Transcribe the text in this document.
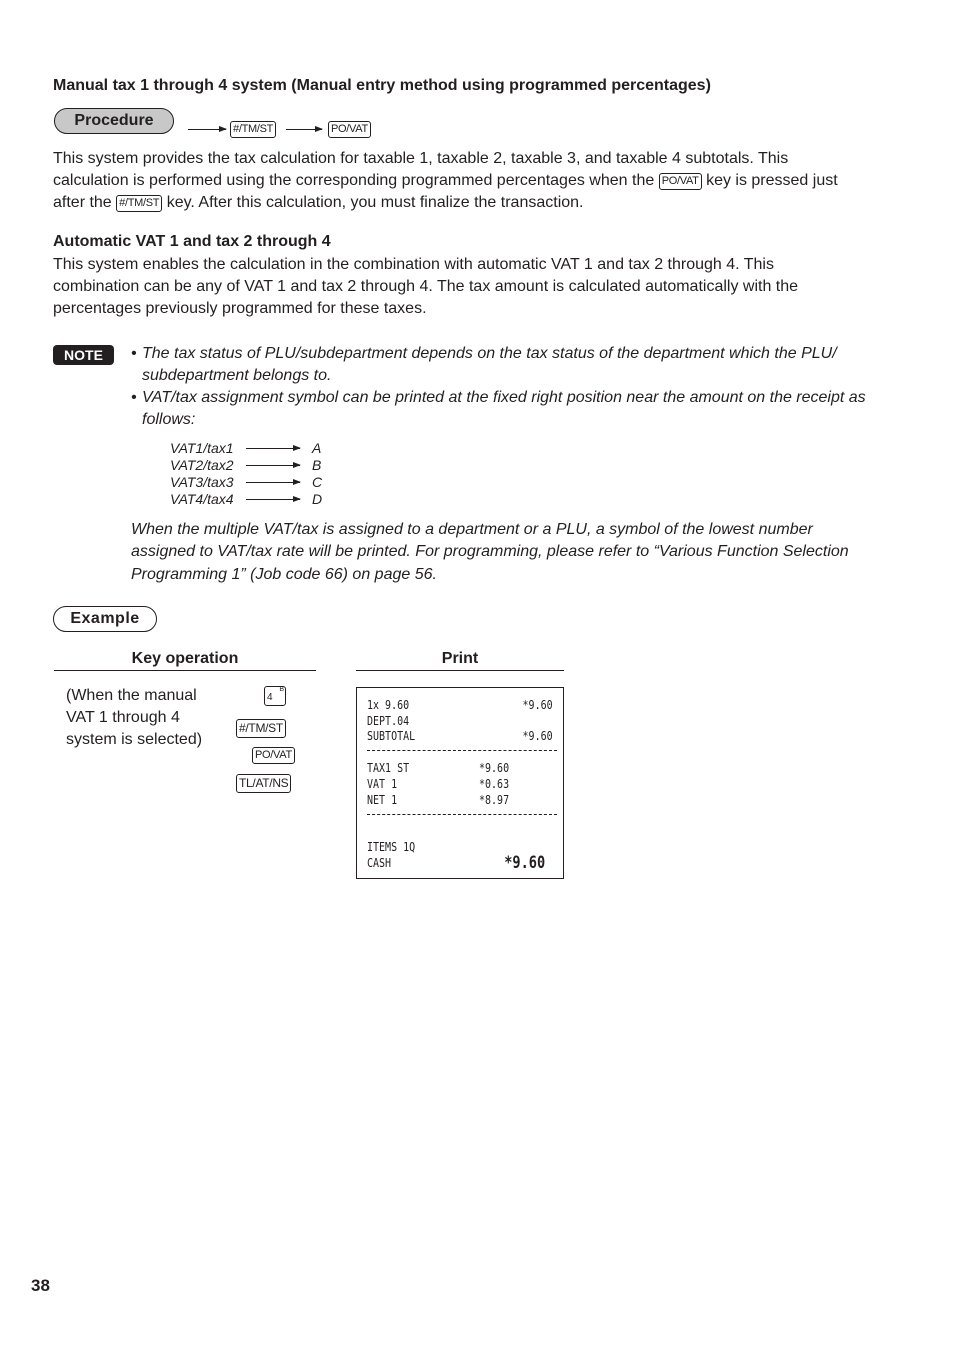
Manual tax 1 through 4 system (Manual entry method using programmed percentages)
Procedure	#/TM/ST	PO/VAT
This system provides the tax calculation for taxable 1, taxable 2, taxable 3, and taxable 4 subtotals. This
calculation is performed using the corresponding programmed percentages when the PO/VAT key is pressed just
after the #/TM/ST key. After this calculation, you must finalize the transaction.
Automatic VAT 1 and tax 2 through 4
This system enables the calculation in the combination with automatic VAT 1 and tax 2 through 4. This
combination can be any of VAT 1 and tax 2 through 4. The tax amount is calculated automatically with the
percentages previously programmed for these taxes.
NOTE	• The tax status of PLU/subdepartment depends on the tax status of the department which the PLU/
subdepartment belongs to.
• VAT/tax assignment symbol can be printed at the fixed right position near the amount on the receipt as
follows:
VAT1/tax1	A
VAT2/tax2	B
VAT3/tax3	C
VAT4/tax4	D
When the multiple VAT/tax is assigned to a department or a PLU, a symbol of the lowest number
assigned to VAT/tax rate will be printed. For programming, please refer to “Various Function Selection
Programming 1” (Job code 66) on page 56.
Example
Key operation	Print
(When the manual
VAT 1 through 4
system is selected)
4
B
#/TM/ST
PO/VAT
TL/AT/NS
1x 9.60	*9.60
DEPT.04
SUBTOTAL	*9.60
TAX1 ST	*9.60
VAT 1	*0.63
NET 1	*8.97
ITEMS 1Q
CASH	*9.60
38
